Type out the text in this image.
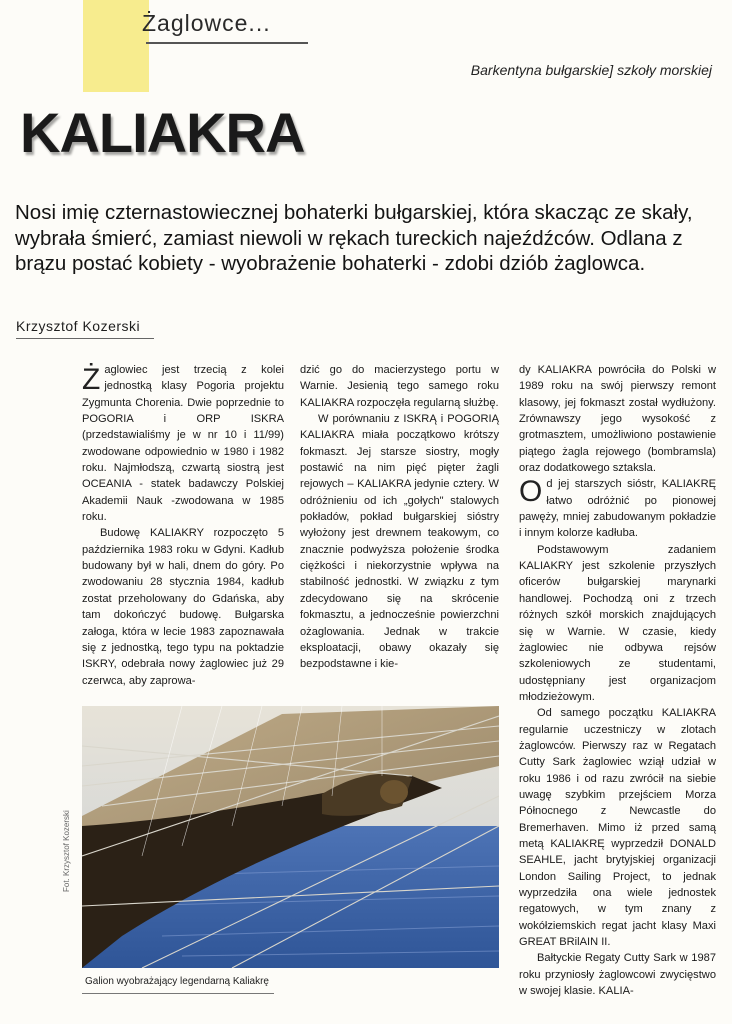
Żaglowce...
Barkentyna bułgarskie] szkoły morskiej
KALIAKRA
Nosi imię czternastowiecznej bohaterki bułgarskiej, która skacząc ze skały, wybrała śmierć, zamiast niewoli w rękach tureckich najeźdźców. Odlana z brązu postać kobiety - wyobrażenie bohaterki - zdobi dziób żaglowca.
Krzysztof Kozerski

Żaglowiec jest trzecią z kolei jednostką klasy Pogoria projektu Zygmunta Chorenia. Dwie poprzednie to POGORIA i ORP ISKRA (przedstawialiśmy je w nr 10 i 11/99) zwodowane odpowiednio w 1980 i 1982 roku. Najmłodszą, czwartą siostrą jest OCEANIA - statek badawczy Polskiej Akademii Nauk -zwodowana w 1985 roku.

Budowę KALIAKRY rozpoczęto 5 października 1983 roku w Gdyni. Kadłub budowany był w hali, dnem do góry. Po zwodowaniu 28 stycznia 1984, kadłub zostat przeholowany do Gdańska, aby tam dokończyć budowę. Bułgarska załoga, która w lecie 1983 zapoznawała się z jednostką, tego typu na poktadzie ISKRY, odebrała nowy żaglowiec już 29 czerwca, aby zaprowa-

dzić go do macierzystego portu w Warnie. Jesienią tego samego roku KALIAKRA rozpoczęła regularną służbę.

W porównaniu z ISKRĄ i POGORIĄ KALIAKRA miała początkowo krótszy fokmaszt. Jej starsze siostry, mogły postawić na nim pięć pięter żagli rejowych – KALIAKRA jedynie cztery. W odróżnieniu od ich „gołych" stalowych pokładów, pokład bułgarskiej sióstry wyłożony jest drewnem teakowym, co znacznie podwyższa położenie środka ciężkości i niekorzystnie wpływa na stabilność jednostki. W związku z tym zdecydowano się na skrócenie fokmasztu, a jednocześnie powierzchni ożaglowania. Jednak w trakcie eksploatacji, obawy okazały się bezpodstawne i kie-

dy KALIAKRA powróciła do Polski w 1989 roku na swój pierwszy remont klasowy, jej fokmaszt został wydłużony. Zrównawszy jego wysokość z grotmasztem, umożliwiono postawienie piątego żagla rejowego (bombramsla) oraz dodatkowego sztaksla.

Od jej starszych sióstr, KALIAKRĘ łatwo odróżnić po pionowej pawęży, mniej zabudowanym pokładzie i innym kolorze kadłuba.

Podstawowym zadaniem KALIAKRY jest szkolenie przyszłych oficerów bułgarskiej marynarki handlowej. Pochodzą oni z trzech różnych szkół morskich znajdujących się w Warnie. W czasie, kiedy żaglowiec nie odbywa rejsów szkoleniowych ze studentami, udostępniany jest organizacjom młodzieżowym.

Od samego początku KALIAKRA regularnie uczestniczy w zlotach żaglowców. Pierwszy raz w Regatach Cutty Sark żaglowiec wziął udział w roku 1986 i od razu zwrócił na siebie uwagę szybkim przejściem Morza Północnego z Newcastle do Bremerhaven. Mimo iż przed samą metą KALIAKRĘ wyprzedził DONALD SEAHLE, jacht brytyjskiej organizacji London Sailing Project, to jednak wyprzedziła ona wiele jednostek regatowych, w tym znany z wokółziemskich regat jacht klasy Maxi GREAT BRilAIN II.

Bałtyckie Regaty Cutty Sark w 1987 roku przyniosły żaglowcowi zwycięstwo w swojej klasie. KALIA-

Fot. Krzysztof Kozerski
Galion wyobrażający legendarną Kaliakrę
